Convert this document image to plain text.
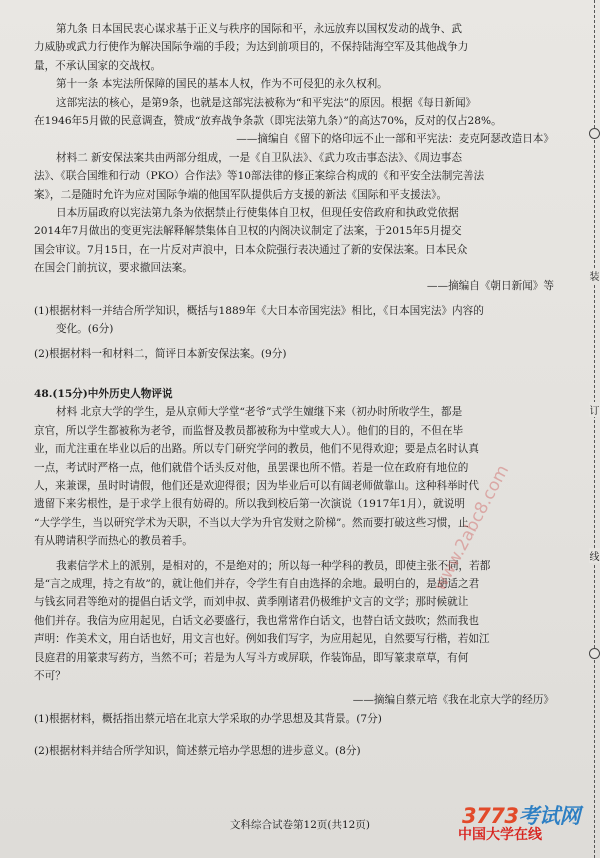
第九条 日本国民衷心谋求基于正义与秩序的国际和平，永远放弃以国权发动的战争、武
力威胁或武力行使作为解决国际争端的手段；为达到前项目的，不保持陆海空军及其他战争力
量，不承认国家的交战权。
第十一条 本宪法所保障的国民的基本人权，作为不可侵犯的永久权利。
这部宪法的核心，是第9条，也就是这部宪法被称为“和平宪法”的原因。根据《每日新闻》
在1946年5月做的民意调查，赞成“放弃战争条款（即宪法第九条）”的高达70%，反对的仅占28%。
——摘编自《留下的烙印远不止一部和平宪法：麦克阿瑟改造日本》
材料二 新安保法案共由两部分组成，一是《自卫队法》、《武力攻击事态法》、《周边事态
法》、《联合国维和行动（PKO）合作法》等10部法律的修正案综合构成的《和平安全法制完善法
案》，二是随时允许为应对国际争端的他国军队提供后方支援的新法《国际和平支援法》。
日本历届政府以宪法第九条为依据禁止行使集体自卫权，但现任安倍政府和执政党依据
2014年7月做出的变更宪法解释解禁集体自卫权的内阁决议制定了法案，于2015年5月提交
国会审议。7月15日，在一片反对声浪中，日本众院强行表决通过了新的安保法案。日本民众
在国会门前抗议，要求撤回法案。
——摘编自《朝日新闻》等
(1)根据材料一并结合所学知识，概括与1889年《大日本帝国宪法》相比，《日本国宪法》内容的
变化。(6分)
(2)根据材料一和材料二，简评日本新安保法案。(9分)
48.(15分)中外历史人物评说
材料 北京大学的学生，是从京师大学堂“老爷”式学生嬗继下来（初办时所收学生，都是
京官，所以学生都被称为老爷，而监督及教员都被称为中堂或大人）。他们的目的，不但在毕
业，而尤注重在毕业以后的出路。所以专门研究学问的教员，他们不见得欢迎；要是点名时认真
一点，考试时严格一点，他们就借个话头反对他，虽罢课也所不惜。若是一位在政府有地位的
人，来兼课，虽时时请假，他们还是欢迎得很；因为毕业后可以有阔老师做靠山。这种科举时代
遗留下来劣根性，是于求学上很有妨碍的。所以我到校后第一次演说（1917年1月），就说明
“大学学生，当以研究学术为天职，不当以大学为升官发财之阶梯”。然而要打破这些习惯，止
有从聘请积学而热心的教员着手。
我素信学术上的派别，是相对的，不是绝对的；所以每一种学科的教员，即使主张不同，若都
是“言之成理，持之有故”的，就让他们并存，令学生有自由选择的余地。最明白的，是胡适之君
与钱玄同君等绝对的提倡白话文学，而刘申叔、黄季刚诸君仍极维护文言的文学；那时候就让
他们并存。我信为应用起见，白话文必要盛行，我也常常作白话文，也替白话文鼓吹；然而我也
声明：作美术文，用白话也好，用文言也好。例如我们写字，为应用起见，自然要写行楷，若如江
艮庭君的用篆隶写药方，当然不可；若是为人写斗方或屏联，作装饰品，即写篆隶章草，有何
不可？
——摘编自蔡元培《我在北京大学的经历》
(1)根据材料，概括指出蔡元培在北京大学采取的办学思想及其背景。(7分)
(2)根据材料并结合所学知识，简述蔡元培办学思想的进步意义。(8分)
装
订
线
www.2abc8.com
文科综合试卷第12页(共12页)	3773考试网
中国大学在线
